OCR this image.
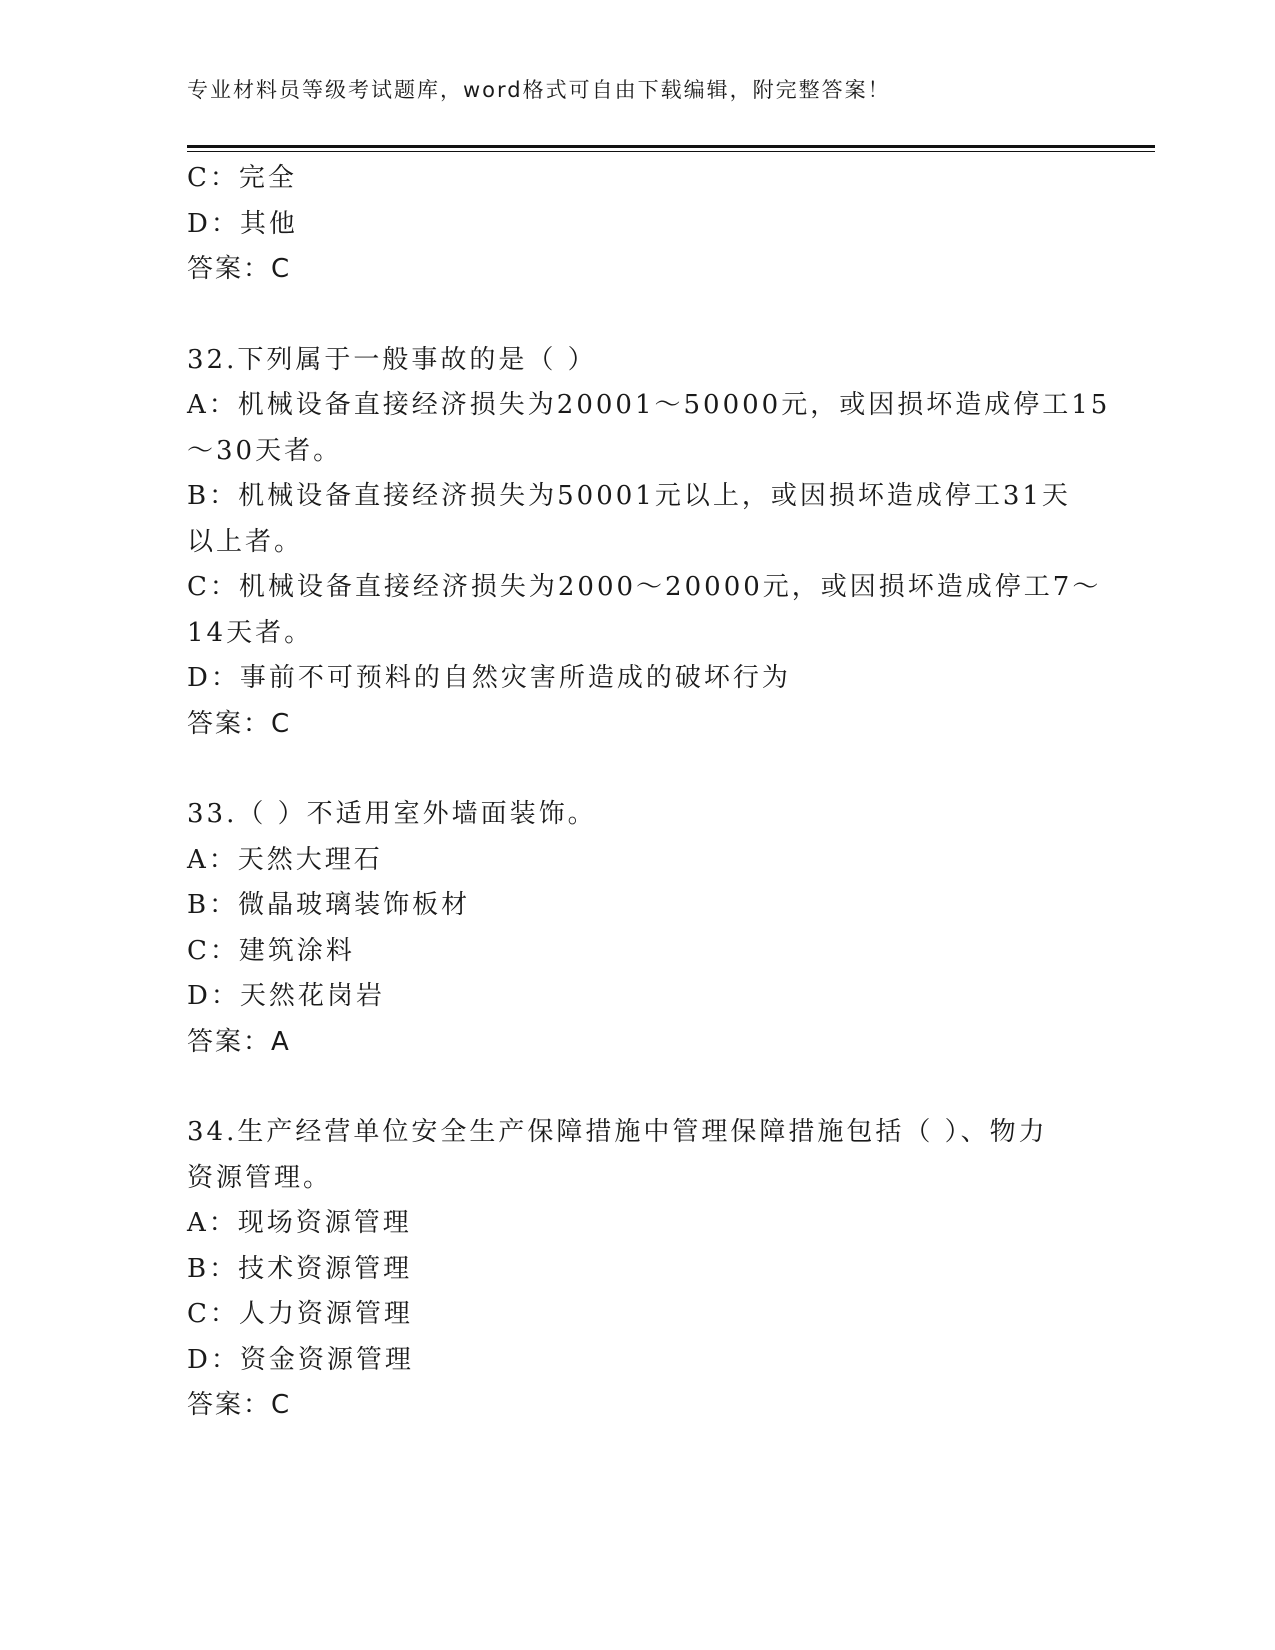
专业材料员等级考试题库，word格式可自由下载编辑，附完整答案！
C：完全
D：其他
答案：C
32.下列属于一般事故的是（ ）
A：机械设备直接经济损失为20001～50000元，或因损坏造成停工15
～30天者。
B：机械设备直接经济损失为50001元以上，或因损坏造成停工31天
以上者。
C：机械设备直接经济损失为2000～20000元，或因损坏造成停工7～
14天者。
D：事前不可预料的自然灾害所造成的破坏行为
答案：C
33.（ ）不适用室外墙面装饰。
A：天然大理石
B：微晶玻璃装饰板材
C：建筑涂料
D：天然花岗岩
答案：A
34.生产经营单位安全生产保障措施中管理保障措施包括（ ）、物力
资源管理。
A：现场资源管理
B：技术资源管理
C：人力资源管理
D：资金资源管理
答案：C
